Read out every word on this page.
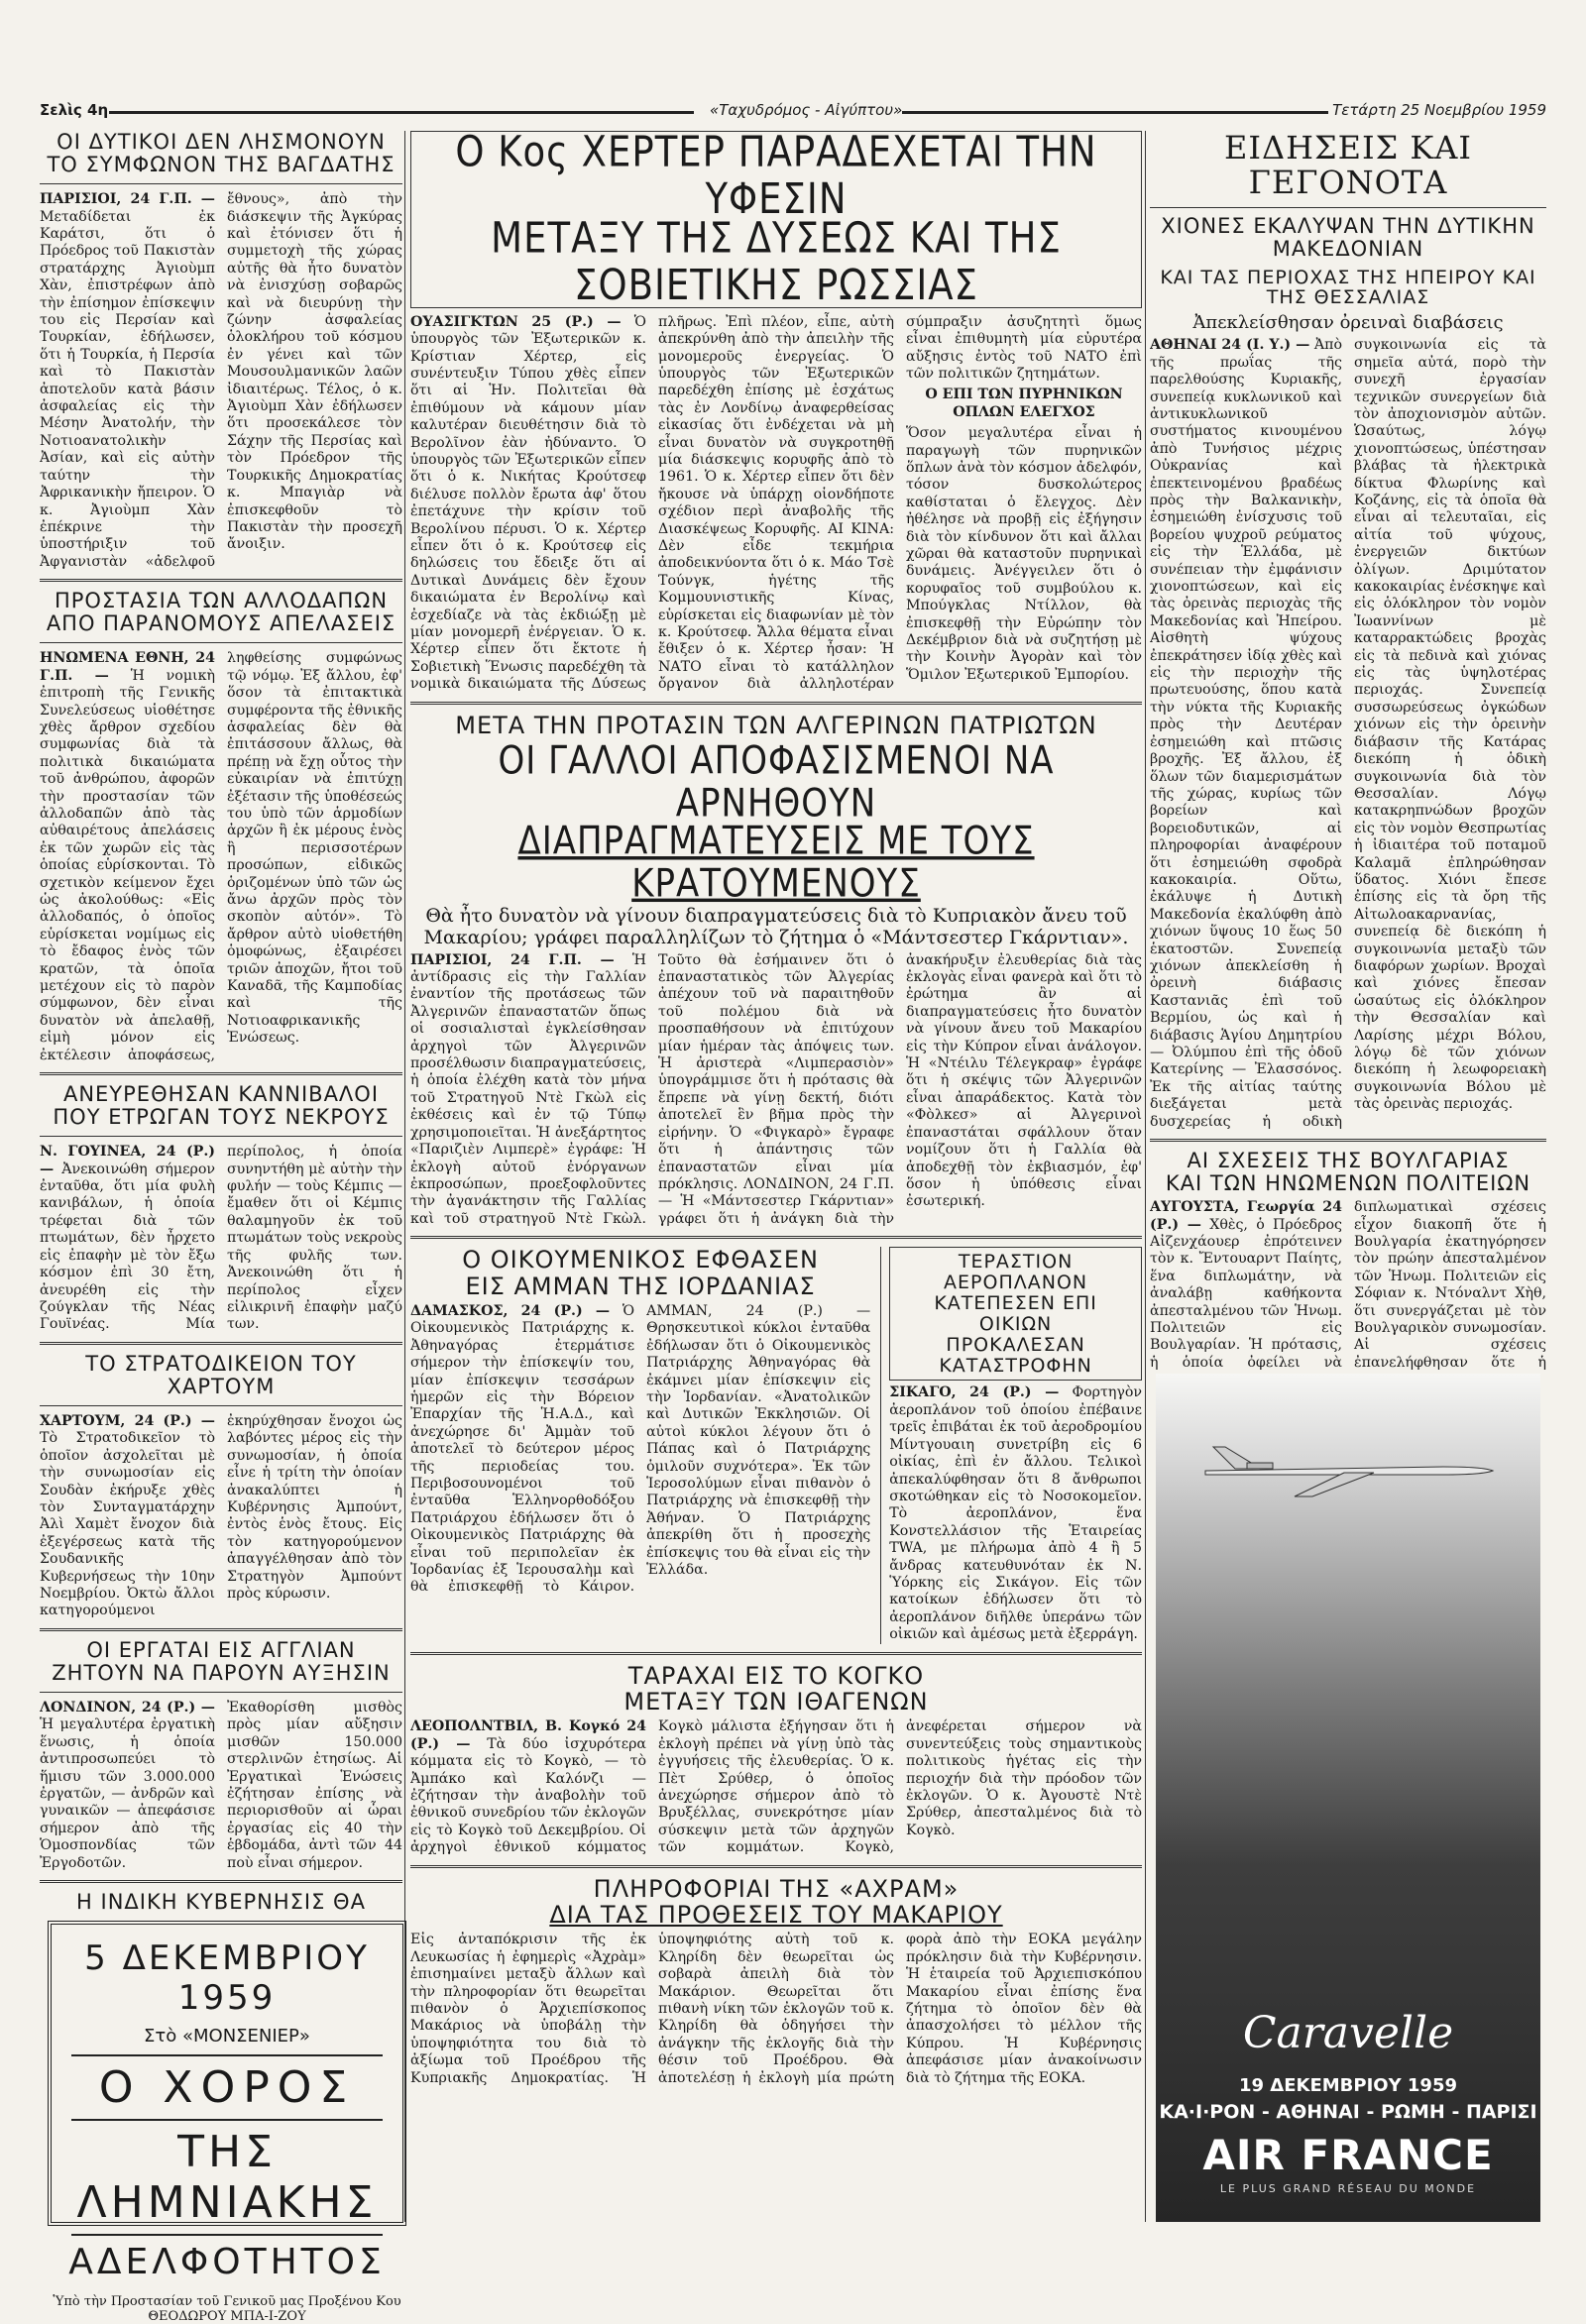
Σελὶς 4η	«Ταχυδρόμος - Αἰγύπτου»	Τετάρτη 25 Νοεμβρίου 1959
ΟΙ ΔΥΤΙΚΟΙ ΔΕΝ ΛΗΣΜΟΝΟΥΝ ΤΟ ΣΥΜΦΩΝΟΝ ΤΗΣ ΒΑΓΔΑΤΗΣ

ΠΑΡΙΣΙΟΙ, 24 Γ.Π. — Μεταδίδεται ἐκ Καράτσι, ὅτι ὁ Πρόεδρος τοῦ Πακιστὰν στρατάρχης Ἀγιοὺμπ Χὰν, ἐπιστρέφων ἀπὸ τὴν ἐπίσημον ἐπίσκεψιν του εἰς Περσίαν καὶ Τουρκίαν, ἐδήλωσεν, ὅτι ἡ Τουρκία, ἡ Περσία καὶ τὸ Πακιστὰν ἀποτελοῦν κατὰ βάσιν ἀσφαλείας εἰς τὴν Μέσην Ἀνατολήν, τὴν Νοτιοανατολικὴν Ἀσίαν, καὶ εἰς αὐτὴν ταύτην τὴν Ἀφρικανικὴν ἤπειρον. Ὁ κ. Ἀγιοὺμπ Χὰν ἐπέκρινε τὴν ὑποστήριξιν τοῦ Ἀφγανιστὰν «ἀδελφοῦ ἔθνους», ἀπὸ τὴν διάσκεψιν τῆς Ἀγκύρας καὶ ἐτόνισεν ὅτι ἡ συμμετοχὴ τῆς χώρας αὐτῆς θὰ ἦτο δυνατὸν νὰ ἐνισχύσῃ σοβαρῶς καὶ νὰ διευρύνῃ τὴν ζώνην ἀσφαλείας ὁλοκλήρου τοῦ κόσμου ἐν γένει καὶ τῶν Μουσουλμανικῶν λαῶν ἰδιαιτέρως. Τέλος, ὁ κ. Ἀγιοὺμπ Χὰν ἐδήλωσεν ὅτι προσεκάλεσε τὸν Σάχην τῆς Περσίας καὶ τὸν Πρόεδρον τῆς Τουρκικῆς Δημοκρατίας κ. Μπαγιὰρ νὰ ἐπισκεφθοῦν τὸ Πακιστὰν τὴν προσεχῆ ἄνοιξιν.

ΠΡΟΣΤΑΣΙΑ ΤΩΝ ΑΛΛΟΔΑΠΩΝ ΑΠΟ ΠΑΡΑΝΟΜΟΥΣ ΑΠΕΛΑΣΕΙΣ

ΗΝΩΜΕΝΑ ΕΘΝΗ, 24 Γ.Π. — Ἡ νομικὴ ἐπιτροπὴ τῆς Γενικῆς Συνελεύσεως υἱοθέτησε χθὲς ἄρθρον σχεδίου συμφωνίας διὰ τὰ πολιτικὰ δικαιώματα τοῦ ἀνθρώπου, ἀφορῶν τὴν προστασίαν τῶν ἀλλοδαπῶν ἀπὸ τὰς αὐθαιρέτους ἀπελάσεις ἐκ τῶν χωρῶν εἰς τὰς ὁποίας εὑρίσκονται. Τὸ σχετικὸν κείμενον ἔχει ὡς ἀκολούθως: «Εἰς ἀλλοδαπός, ὁ ὁποῖος εὑρίσκεται νομίμως εἰς τὸ ἔδαφος ἑνὸς τῶν κρατῶν, τὰ ὁποῖα μετέχουν εἰς τὸ παρὸν σύμφωνον, δὲν εἶναι δυνατὸν νὰ ἀπελαθῇ, εἰμὴ μόνον εἰς ἐκτέλεσιν ἀποφάσεως, ληφθείσης συμφώνως τῷ νόμῳ. Ἐξ ἄλλου, ἐφ' ὅσον τὰ ἐπιτακτικὰ συμφέροντα τῆς ἐθνικῆς ἀσφαλείας δὲν θὰ ἐπιτάσσουν ἄλλως, θὰ πρέπῃ νὰ ἔχῃ οὗτος τὴν εὐκαιρίαν νὰ ἐπιτύχῃ ἐξέτασιν τῆς ὑποθέσεώς του ὑπὸ τῶν ἁρμοδίων ἀρχῶν ἢ ἐκ μέρους ἑνὸς ἢ περισσοτέρων προσώπων, εἰδικῶς ὁριζομένων ὑπὸ τῶν ὡς ἄνω ἀρχῶν πρὸς τὸν σκοπὸν αὐτόν». Τὸ ἄρθρον αὐτὸ υἱοθετήθη ὁμοφώνως, ἐξαιρέσει τριῶν ἀποχῶν, ἤτοι τοῦ Καναδᾶ, τῆς Καμποδίας καὶ τῆς Νοτιοαφρικανικῆς Ἑνώσεως.

ΑΝΕΥΡΕΘΗΣΑΝ ΚΑΝΝΙΒΑΛΟΙ ΠΟΥ ΕΤΡΩΓΑΝ ΤΟΥΣ ΝΕΚΡΟΥΣ

Ν. ΓΟΥΙΝΕΑ, 24 (Ρ.) — Ἀνεκοινώθη σήμερον ἐνταῦθα, ὅτι μία φυλὴ κανιβάλων, ἡ ὁποία τρέφεται διὰ τῶν πτωμάτων, δὲν ἦρχετο εἰς ἐπαφὴν μὲ τὸν ἔξω κόσμον ἐπὶ 30 ἔτη, ἀνευρέθη εἰς τὴν ζούγκλαν τῆς Νέας Γουϊνέας. Μία περίπολος, ἡ ὁποία συνηντήθη μὲ αὐτὴν τὴν φυλήν — τοὺς Κέμπις — ἔμαθεν ὅτι οἱ Κέμπις θαλαμηγοῦν ἐκ τοῦ πτωμάτων τοὺς νεκροὺς τῆς φυλῆς των. Ἀνεκοινώθη ὅτι ἡ περίπολος εἶχεν εἰλικρινῆ ἐπαφὴν μαζύ των.

ΤΟ ΣΤΡΑΤΟΔΙΚΕΙΟΝ ΤΟΥ ΧΑΡΤΟΥΜ

ΧΑΡΤΟΥΜ, 24 (Ρ.) — Τὸ Στρατοδικεῖον τὸ ὁποῖον ἀσχολεῖται μὲ τὴν συνωμοσίαν εἰς Σουδὰν ἐκήρυξε χθὲς τὸν Συνταγματάρχην Ἀλὶ Χαμὲτ ἔνοχον διὰ ἐξεγέρσεως κατὰ τῆς Σουδανικῆς Κυβερνήσεως τὴν 10ην Νοεμβρίου. Ὀκτὼ ἄλλοι κατηγορούμενοι ἐκηρύχθησαν ἔνοχοι ὡς λαβόντες μέρος εἰς τὴν συνωμοσίαν, ἡ ὁποία εἶνε ἡ τρίτη τὴν ὁποίαν ἀνακαλύπτει ἡ Κυβέρνησις Ἀμπούντ, ἐντὸς ἑνὸς ἔτους. Εἰς τὸν κατηγορούμενον ἀπαγγέλθησαν ἀπὸ τὸν Στρατηγὸν Ἀμπούντ πρὸς κύρωσιν.

ΟΙ ΕΡΓΑΤΑΙ ΕΙΣ ΑΓΓΛΙΑΝ ΖΗΤΟΥΝ ΝΑ ΠΑΡΟΥΝ ΑΥΞΗΣΙΝ

ΛΟΝΔΙΝΟΝ, 24 (Ρ.) — Ἡ μεγαλυτέρα ἐργατικὴ ἕνωσις, ἡ ὁποία ἀντιπροσωπεύει τὸ ἥμισυ τῶν 3.000.000 ἐργατῶν, — ἀνδρῶν καὶ γυναικῶν — ἀπεφάσισε σήμερον ἀπὸ τῆς Ὁμοσπονδίας τῶν Ἐργοδοτῶν. Ἐκαθορίσθη μισθὸς πρὸς μίαν αὔξησιν μισθῶν 150.000 στερλινῶν ἐτησίως. Αἱ Ἐργατικαὶ Ἑνώσεις ἐζήτησαν ἐπίσης νὰ περιορισθοῦν αἱ ὧραι ἐργασίας εἰς 40 τὴν ἑβδομάδα, ἀντὶ τῶν 44 ποὺ εἶναι σήμερον.

Η ΙΝΔΙΚΗ ΚΥΒΕΡΝΗΣΙΣ ΘΑ

5 ΔΕΚΕΜΒΡΙΟΥ 1959
Στὸ «ΜΟΝΣΕΝΙΕΡ»
Ο ΧΟΡΟΣ
ΤΗΣ ΛΗΜΝΙΑΚΗΣ
ΑΔΕΛΦΟΤΗΤΟΣ
Ὑπὸ τὴν Προστασίαν τοῦ Γενικοῦ μας Προξένου Κου ΘΕΟΔΩΡΟΥ ΜΠΑ-Ι-ΖΟΥ
Ο Κος ΧΕΡΤΕΡ ΠΑΡΑΔΕΧΕΤΑΙ ΤΗΝ ΥΦΕΣΙΝ
ΜΕΤΑΞΥ ΤΗΣ ΔΥΣΕΩΣ ΚΑΙ ΤΗΣ ΣΟΒΙΕΤΙΚΗΣ ΡΩΣΣΙΑΣ

ΟΥΑΣΙΓΚΤΩΝ 25 (Ρ.) — Ὁ ὑπουργὸς τῶν Ἐξωτερικῶν κ. Κρίστιαν Χέρτερ, εἰς συνέντευξιν Τύπου χθὲς εἶπεν ὅτι αἱ Ἡν. Πολιτεῖαι θὰ ἐπιθύμουν νὰ κάμουν μίαν καλυτέραν διευθέτησιν διὰ τὸ Βερολῖνον ἐὰν ἠδύναντο. Ὁ ὑπουργὸς τῶν Ἐξωτερικῶν εἶπεν ὅτι ὁ κ. Νικήτας Κρούτσεφ διέλυσε πολλὸν ἔρωτα ἀφ' ὅτου ἐπετάχυνε τὴν κρίσιν τοῦ Βερολίνου πέρυσι. Ὁ κ. Χέρτερ εἶπεν ὅτι ὁ κ. Κρούτσεφ εἰς δηλώσεις του ἔδειξε ὅτι αἱ Δυτικαὶ Δυνάμεις δὲν ἔχουν δικαιώματα ἐν Βερολίνῳ καὶ ἐσχεδίαζε νὰ τὰς ἐκδιώξῃ μὲ μίαν μονομερῆ ἐνέργειαν. Ὁ κ. Χέρτερ εἶπεν ὅτι ἔκτοτε ἡ Σοβιετικὴ Ἕνωσις παρεδέχθη τὰ νομικὰ δικαιώματα τῆς Δύσεως πλῆρως. Ἐπὶ πλέον, εἶπε, αὐτὴ ἀπεκρύνθη ἀπὸ τὴν ἀπειλὴν τῆς μονομεροῦς ἐνεργείας. Ὁ ὑπουργὸς τῶν Ἐξωτερικῶν παρεδέχθη ἐπίσης μὲ ἐσχάτως τὰς ἐν Λονδίνῳ ἀναφερθείσας εἰκασίας ὅτι ἐνδέχεται νὰ μὴ εἶναι δυνατὸν νὰ συγκροτηθῇ μία διάσκεψις κορυφῆς ἀπὸ τὸ 1961. Ὁ κ. Χέρτερ εἶπεν ὅτι δὲν ἤκουσε νὰ ὑπάρχῃ οἱονδήποτε σχέδιον περὶ ἀναβολῆς τῆς Διασκέψεως Κορυφῆς. ΑΙ ΚΙΝΑ: Δὲν εἶδε τεκμήρια ἀποδεικνύοντα ὅτι ὁ κ. Μάο Τσὲ Τούνγκ, ἡγέτης τῆς Κομμουνιστικῆς Κίνας, εὑρίσκεται εἰς διαφωνίαν μὲ τὸν κ. Κρούτσεφ. Ἄλλα θέματα εἶναι ἔθιξεν ὁ κ. Χέρτερ ἦσαν: Ἡ ΝΑΤΟ εἶναι τὸ κατάλληλον ὄργανον διὰ ἀλληλοτέραν σύμπραξιν ἀσυζητητὶ ὅμως εἶναι ἐπιθυμητὴ μία εὐρυτέρα αὔξησις ἐντὸς τοῦ ΝΑΤΟ ἐπὶ τῶν πολιτικῶν ζητημάτων.
Ο ΕΠΙ ΤΩΝ ΠΥΡΗΝΙΚΩΝ ΟΠΛΩΝ ΕΛΕΓΧΟΣ
Ὅσον μεγαλυτέρα εἶναι ἡ παραγωγὴ τῶν πυρηνικῶν ὅπλων ἀνὰ τὸν κόσμον ἀδελφόν, τόσον δυσκολώτερος καθίσταται ὁ ἔλεγχος. Δὲν ἠθέλησε νὰ προβῇ εἰς ἐξήγησιν διὰ τὸν κίνδυνον ὅτι καὶ ἄλλαι χῶραι θὰ καταστοῦν πυρηνικαὶ δυνάμεις. Ἀνέγγειλεν ὅτι ὁ κορυφαῖος τοῦ συμβούλου κ. Μπούγκλας Ντίλλον, θὰ ἐπισκεφθῇ τὴν Εὐρώπην τὸν Δεκέμβριον διὰ νὰ συζητήσῃ μὲ τὴν Κοινὴν Ἀγορὰν καὶ τὸν Ὅμιλον Ἐξωτερικοῦ Ἐμπορίου.

ΜΕΤΑ ΤΗΝ ΠΡΟΤΑΣΙΝ ΤΩΝ ΑΛΓΕΡΙΝΩΝ ΠΑΤΡΙΩΤΩΝ
ΟΙ ΓΑΛΛΟΙ ΑΠΟΦΑΣΙΣΜΕΝΟΙ ΝΑ ΑΡΝΗΘΟΥΝ
ΔΙΑΠΡΑΓΜΑΤΕΥΣΕΙΣ ΜΕ ΤΟΥΣ ΚΡΑΤΟΥΜΕΝΟΥΣ

Θὰ ἦτο δυνατὸν νὰ γίνουν διαπραγματεύσεις διὰ τὸ Κυπριακὸν ἄνευ τοῦ Μακαρίου; γράφει παραλληλίζων τὸ ζήτημα ὁ «Μάντσεστερ Γκάρντιαν».

ΠΑΡΙΣΙΟΙ, 24 Γ.Π. — Ἡ ἀντίδρασις εἰς τὴν Γαλλίαν ἐναντίον τῆς προτάσεως τῶν Ἀλγερινῶν ἐπαναστατῶν ὅπως οἱ σοσιαλισταὶ ἐγκλείσθησαν ἀρχηγοὶ τῶν Ἀλγερινῶν προσέλθωσιν διαπραγματεύσεις, ἡ ὁποία ἐλέχθη κατὰ τὸν μήνα τοῦ Στρατηγοῦ Ντὲ Γκὼλ εἰς ἐκθέσεις καὶ ἐν τῷ Τύπῳ χρησιμοποιεῖται. Ἡ ἀνεξάρτητος «Παριζιὲν Λιμπερὲ» ἐγράφε: Ἡ ἐκλογὴ αὐτοῦ ἐνόργανων ἐκπροσώπων, προεξοφλοῦντες τὴν ἀγανάκτησιν τῆς Γαλλίας καὶ τοῦ στρατηγοῦ Ντὲ Γκὼλ. Τοῦτο θὰ ἐσήμαινεν ὅτι ὁ ἐπαναστατικὸς τῶν Ἀλγερίας ἀπέχουν τοῦ νὰ παραιτηθοῦν τοῦ πολέμου διὰ νὰ προσπαθήσουν νὰ ἐπιτύχουν μίαν ἡμέραν τὰς ἀπόψεις των. Ἡ ἀριστερὰ «Λιμπερασιὸν» ὑπογράμμισε ὅτι ἡ πρότασις θὰ ἔπρεπε νὰ γίνῃ δεκτή, διότι ἀποτελεῖ ἓν βῆμα πρὸς τὴν εἰρήνην. Ὁ «Φιγκαρὸ» ἔγραφε ὅτι ἡ ἀπάντησις τῶν ἐπαναστατῶν εἶναι μία πρόκλησις. ΛΟΝΔΙΝΟΝ, 24 Γ.Π. — Ἡ «Μάντσεστερ Γκάρντιαν» γράφει ὅτι ἡ ἀνάγκη διὰ τὴν ἀνακήρυξιν ἐλευθερίας διὰ τὰς ἐκλογὰς εἶναι φανερὰ καὶ ὅτι τὸ ἐρώτημα ἂν αἱ διαπραγματεύσεις ἦτο δυνατὸν νὰ γίνουν ἄνευ τοῦ Μακαρίου εἰς τὴν Κύπρον εἶναι ἀνάλογον. Ἡ «Ντέιλυ Τέλεγκραφ» ἐγράφε ὅτι ἡ σκέψις τῶν Ἀλγερινῶν εἶναι ἀπαράδεκτος. Κατὰ τὸν «Φὸλκεσ» αἱ Ἀλγερινοὶ ἐπαναστάται σφάλλουν ὅταν νομίζουν ὅτι ἡ Γαλλία θὰ ἀποδεχθῇ τὸν ἐκβιασμόν, ἐφ' ὅσον ἡ ὑπόθεσις εἶναι ἐσωτερική.

Ο ΟΙΚΟΥΜΕΝΙΚΟΣ ΕΦΘΑΣΕΝ
ΕΙΣ ΑΜΜΑΝ ΤΗΣ ΙΟΡΔΑΝΙΑΣ

ΔΑΜΑΣΚΟΣ, 24 (Ρ.) — Ὁ Οἰκουμενικὸς Πατριάρχης κ. Ἀθηναγόρας ἐτερμάτισε σήμερον τὴν ἐπίσκεψίν του, μίαν ἐπίσκεψιν τεσσάρων ἡμερῶν εἰς τὴν Βόρειον Ἐπαρχίαν τῆς Ἡ.Α.Δ., καὶ ἀνεχώρησε δι' Ἀμμὰν τοῦ ἀποτελεῖ τὸ δεύτερον μέρος τῆς περιοδείας του. Περιβοσουνομένοι τοῦ ἐνταῦθα Ἑλληνορθοδόξου Πατριάρχου ἐδήλωσεν ὅτι ὁ Οἰκουμενικὸς Πατριάρχης θὰ εἶναι τοῦ περιπολεῖαν ἐκ Ἰορδανίας ἐξ Ἱερουσαλὴμ καὶ θὰ ἐπισκεφθῇ τὸ Κάιρον. ΑΜΜΑΝ, 24 (Ρ.) — Θρησκευτικοὶ κύκλοι ἐνταῦθα ἐδήλωσαν ὅτι ὁ Οἰκουμενικὸς Πατριάρχης Ἀθηναγόρας θὰ ἐκάμνει μίαν ἐπίσκεψιν εἰς τὴν Ἱορδανίαν. «Ἀνατολικῶν καὶ Δυτικῶν Ἐκκλησιῶν. Οἱ αὐτοὶ κύκλοι λέγουν ὅτι ὁ Πάπας καὶ ὁ Πατριάρχης ὁμιλοῦν συχνότερα». Ἐκ τῶν Ἱεροσολύμων εἶναι πιθανὸν ὁ Πατριάρχης νὰ ἐπισκεφθῇ τὴν Ἀθήναν. Ὁ Πατριάρχης ἀπεκρίθη ὅτι ἡ προσεχὴς ἐπίσκεψις του θὰ εἶναι εἰς τὴν Ἑλλάδα.

ΤΕΡΑΣΤΙΟΝ ΑΕΡΟΠΛΑΝΟΝ
ΚΑΤΕΠΕΣΕΝ ΕΠΙ ΟΙΚΙΩΝ
ΠΡΟΚΑΛΕΣΑΝ ΚΑΤΑΣΤΡΟΦΗΝ

ΣΙΚΑΓΟ, 24 (Ρ.) — Φορτηγὸν ἀεροπλάνον τοῦ ὁποίου ἐπέβαινε τρεῖς ἐπιβάται ἐκ τοῦ ἀεροδρομίου Μίντγουαιη συνετρίβη εἰς 6 οἰκίας, ἐπὶ ἐν ἄλλου. Τελικοὶ ἀπεκαλύφθησαν ὅτι 8 ἄνθρωποι σκοτώθηκαν εἰς τὸ Νοσοκομεῖον. Τὸ ἀεροπλάνον, ἕνα Κονστελλάσιον τῆς Ἑταιρείας TWA, με πλήρωμα ἀπὸ 4 ἢ 5 ἄνδρας κατευθυνόταν ἐκ Ν. Ὑόρκης εἰς Σικάγον. Εἰς τῶν κατοίκων ἐδήλωσεν ὅτι τὸ ἀεροπλάνον διῆλθε ὑπεράνω τῶν οἰκιῶν καὶ ἀμέσως μετὰ ἐξερράγη.

ΤΑΡΑΧΑΙ ΕΙΣ ΤΟ ΚΟΓΚΟ
ΜΕΤΑΞΥ ΤΩΝ ΙΘΑΓΕΝΩΝ

ΛΕΟΠΟΛΝΤΒΙΛ, Β. Κογκό 24 (Ρ.) — Τὰ δύο ἰσχυρότερα κόμματα εἰς τὸ Κογκὸ, — τὸ Ἀμπάκο καὶ Καλόνζι — ἐζήτησαν τὴν ἀναβολὴν τοῦ ἐθνικοῦ συνεδρίου τῶν ἐκλογῶν εἰς τὸ Κογκὸ τοῦ Δεκεμβρίου. Οἱ ἀρχηγοὶ ἐθνικοῦ κόμματος Κογκὸ μάλιστα ἐξήγησαν ὅτι ἡ ἐκλογὴ πρέπει νὰ γίνῃ ὑπὸ τὰς ἐγγυήσεις τῆς ἐλευθερίας. Ὁ κ. Πὲτ Σρύθερ, ὁ ὁποῖος ἀνεχώρησε σήμερον ἀπὸ τὸ Βρυξέλλας, συνεκρότησε μίαν σύσκεψιν μετὰ τῶν ἀρχηγῶν τῶν κομμάτων. Κογκὸ, ἀνεφέρεται σήμερον νὰ συνεντεύξεις τοὺς σημαντικοὺς πολιτικοὺς ἡγέτας εἰς τὴν περιοχήν διὰ τὴν πρόοδον τῶν ἐκλογῶν. Ὁ κ. Ἀγουστὲ Ντὲ Σρύθερ, ἀπεσταλμένος διὰ τὸ Κογκὸ.

ΠΛΗΡΟΦΟΡΙΑΙ ΤΗΣ «ΑΧΡΑΜ»
ΔΙΑ ΤΑΣ ΠΡΟΘΕΣΕΙΣ ΤΟΥ ΜΑΚΑΡΙΟΥ

Εἰς ἀνταπόκρισιν τῆς ἐκ Λευκωσίας ἡ ἐφημερὶς «Ἀχρὰμ» ἐπισημαίνει μεταξὺ ἄλλων καὶ τὴν πληροφορίαν ὅτι θεωρεῖται πιθανὸν ὁ Ἀρχιεπίσκοπος Μακάριος νὰ ὑποβάλῃ τὴν ὑποψηφιότητα του διὰ τὸ ἀξίωμα τοῦ Προέδρου τῆς Κυπριακῆς Δημοκρατίας. Ἡ ὑποψηφιότης αὐτὴ τοῦ κ. Κληρίδη δὲν θεωρεῖται ὡς σοβαρὰ ἀπειλὴ διὰ τὸν Μακάριον. Θεωρεῖται ὅτι πιθανὴ νίκη τῶν ἐκλογῶν τοῦ κ. Κληρίδη θὰ ὁδηγήσει τὴν ἀνάγκην τῆς ἐκλογῆς διὰ τὴν θέσιν τοῦ Προέδρου. Θὰ ἀποτελέσῃ ἡ ἐκλογὴ μία πρώτη φορὰ ἀπὸ τὴν ΕΟΚΑ μεγάλην πρόκλησιν διὰ τὴν Κυβέρνησιν. Ἡ ἑταιρεία τοῦ Ἀρχιεπισκόπου Μακαρίου εἶναι ἐπίσης ἕνα ζήτημα τὸ ὁποῖον δὲν θὰ ἀπασχολήσει τὸ μέλλον τῆς Κύπρου. Ἡ Κυβέρνησις ἀπεφάσισε μίαν ἀνακοίνωσιν διὰ τὸ ζήτημα τῆς ΕΟΚΑ.

ΕΙΔΗΣΕΙΣ ΚΑΙ ΓΕΓΟΝΟΤΑ
ΧΙΟΝΕΣ ΕΚΑΛΥΨΑΝ ΤΗΝ ΔΥΤΙΚΗΝ ΜΑΚΕΔΟΝΙΑΝ
ΚΑΙ ΤΑΣ ΠΕΡΙΟΧΑΣ ΤΗΣ ΗΠΕΙΡΟΥ ΚΑΙ ΤΗΣ ΘΕΣΣΑΛΙΑΣ

Ἀπεκλείσθησαν ὀρειναὶ διαβάσεις

ΑΘΗΝΑΙ 24 (Ι. Υ.) — Ἀπὸ τῆς πρωΐας τῆς παρελθούσης Κυριακῆς, συνεπείᾳ κυκλωνικοῦ καὶ ἀντικυκλωνικοῦ συστήματος κινουμένου ἀπὸ Τυνήσιος μέχρις Οὐκρανίας καὶ ἐπεκτεινομένου βραδέως πρὸς τὴν Βαλκανικὴν, ἐσημειώθη ἐνίσχυσις τοῦ βορείου ψυχροῦ ρεύματος εἰς τὴν Ἑλλάδα, μὲ συνέπειαν τὴν ἐμφάνισιν χιονοπτώσεων, καὶ εἰς τὰς ὀρεινὰς περιοχὰς τῆς Μακεδονίας καὶ Ἠπείρου. Αἰσθητὴ ψύχους ἐπεκράτησεν ἰδίᾳ χθὲς καὶ εἰς τὴν περιοχὴν τῆς πρωτευούσης, ὅπου κατὰ τὴν νύκτα τῆς Κυριακῆς πρὸς τὴν Δευτέραν ἐσημειώθη καὶ πτῶσις βροχῆς. Ἐξ ἄλλου, ἐξ ὅλων τῶν διαμερισμάτων τῆς χώρας, κυρίως τῶν βορείων καὶ βορειοδυτικῶν, αἱ πληροφορίαι ἀναφέρουν ὅτι ἐσημειώθη σφοδρὰ κακοκαιρία. Οὕτω, ἐκάλυψε ἡ Δυτικὴ Μακεδονία ἐκαλύφθη ἀπὸ χιόνων ὕψους 10 ἕως 50 ἑκατοστῶν. Συνεπείᾳ χιόνων ἀπεκλείσθη ἡ ὀρεινὴ διάβασις Καστανιᾶς ἐπὶ τοῦ Βερμίου, ὡς καὶ ἡ διάβασις Ἁγίου Δημητρίου — Ὀλύμπου ἐπὶ τῆς ὁδοῦ Κατερίνης — Ἐλασσόνος. Ἐκ τῆς αἰτίας ταύτης διεξάγεται μετὰ δυσχερείας ἡ οδικὴ συγκοινωνία εἰς τὰ σημεῖα αὐτά, πορὸ τὴν συνεχῆ ἐργασίαν τεχνικῶν συνεργείων διὰ τὸν ἀποχιονισμὸν αὐτῶν. Ὡσαύτως, λόγῳ χιονοπτώσεως, ὑπέστησαν βλάβας τὰ ἠλεκτρικὰ δίκτυα Φλωρίνης καὶ Κοζάνης, εἰς τὰ ὁποῖα θὰ εἶναι αἱ τελευταῖαι, εἰς αἰτία τοῦ ψύχους, ἐνεργειῶν δικτύων ὀλίγων. Δριμύτατον κακοκαιρίας ἐνέσκηψε καὶ εἰς ὁλόκληρον τὸν νομὸν Ἰωαννίνων μὲ καταρρακτώδεις βροχὰς εἰς τὰ πεδινὰ καὶ χιόνας εἰς τὰς ὑψηλοτέρας περιοχάς. Συνεπείᾳ συσσωρεύσεως ὀγκώδων χιόνων εἰς τὴν ὀρεινὴν διάβασιν τῆς Κατάρας διεκόπη ἡ ὁδικὴ συγκοινωνία διὰ τὸν Θεσσαλίαν. Λόγῳ κατακρηπνώδων βροχῶν εἰς τὸν νομὸν Θεσπρωτίας ἡ ἰδιαιτέρα τοῦ ποταμοῦ Καλαμᾶ ἐπληρώθησαν ὕδατος. Χιόνι ἔπεσε ἐπίσης εἰς τὰ ὄρη τῆς Αἰτωλοακαρνανίας, συνεπείᾳ δὲ διεκόπη ἡ συγκοινωνία μεταξὺ τῶν διαφόρων χωρίων. Βροχαὶ καὶ χιόνες ἔπεσαν ὡσαύτως εἰς ὁλόκληρον τὴν Θεσσαλίαν καὶ Λαρίσης μέχρι Βόλου, λόγῳ δὲ τῶν χιόνων διεκόπη ἡ λεωφορειακὴ συγκοινωνία Βόλου μὲ τὰς ὀρεινὰς περιοχάς.

ΑΙ ΣΧΕΣΕΙΣ ΤΗΣ ΒΟΥΛΓΑΡΙΑΣ
ΚΑΙ ΤΩΝ ΗΝΩΜΕΝΩΝ ΠΟΛΙΤΕΙΩΝ

ΑΥΓΟΥΣΤΑ, Γεωργία 24 (Ρ.) — Χθὲς, ὁ Πρόεδρος Αἰζενχάουερ ἐπρότεινεν τὸν κ. Ἔντουαρντ Παίητς, ἕνα διπλωμάτην, νὰ ἀναλάβῃ καθήκοντα ἀπεσταλμένου τῶν Ἡνωμ. Πολιτειῶν εἰς Βουλγαρίαν. Ἡ πρότασις, ἡ ὁποία ὀφείλει νὰ διπλωματικαὶ σχέσεις εἶχον διακοπῆ ὅτε ἡ Βουλγαρία ἐκατηγόρησεν τὸν πρώην ἀπεσταλμένον τῶν Ἡνωμ. Πολιτειῶν εἰς Σόφιαν κ. Ντόναλντ Χὴθ, ὅτι συνεργάζεται μὲ τὸν Βουλγαρικὸν συνωμοσίαν. Αἱ σχέσεις ἐπανελήφθησαν ὅτε ἡ

Caravelle
19 ΔΕΚΕΜΒΡΙΟΥ 1959
ΚΑ·Ι·ΡΟΝ - ΑΘΗΝΑΙ - ΡΩΜΗ - ΠΑΡΙΣΙ
AIR FRANCE
LE PLUS GRAND RÉSEAU DU MONDE
